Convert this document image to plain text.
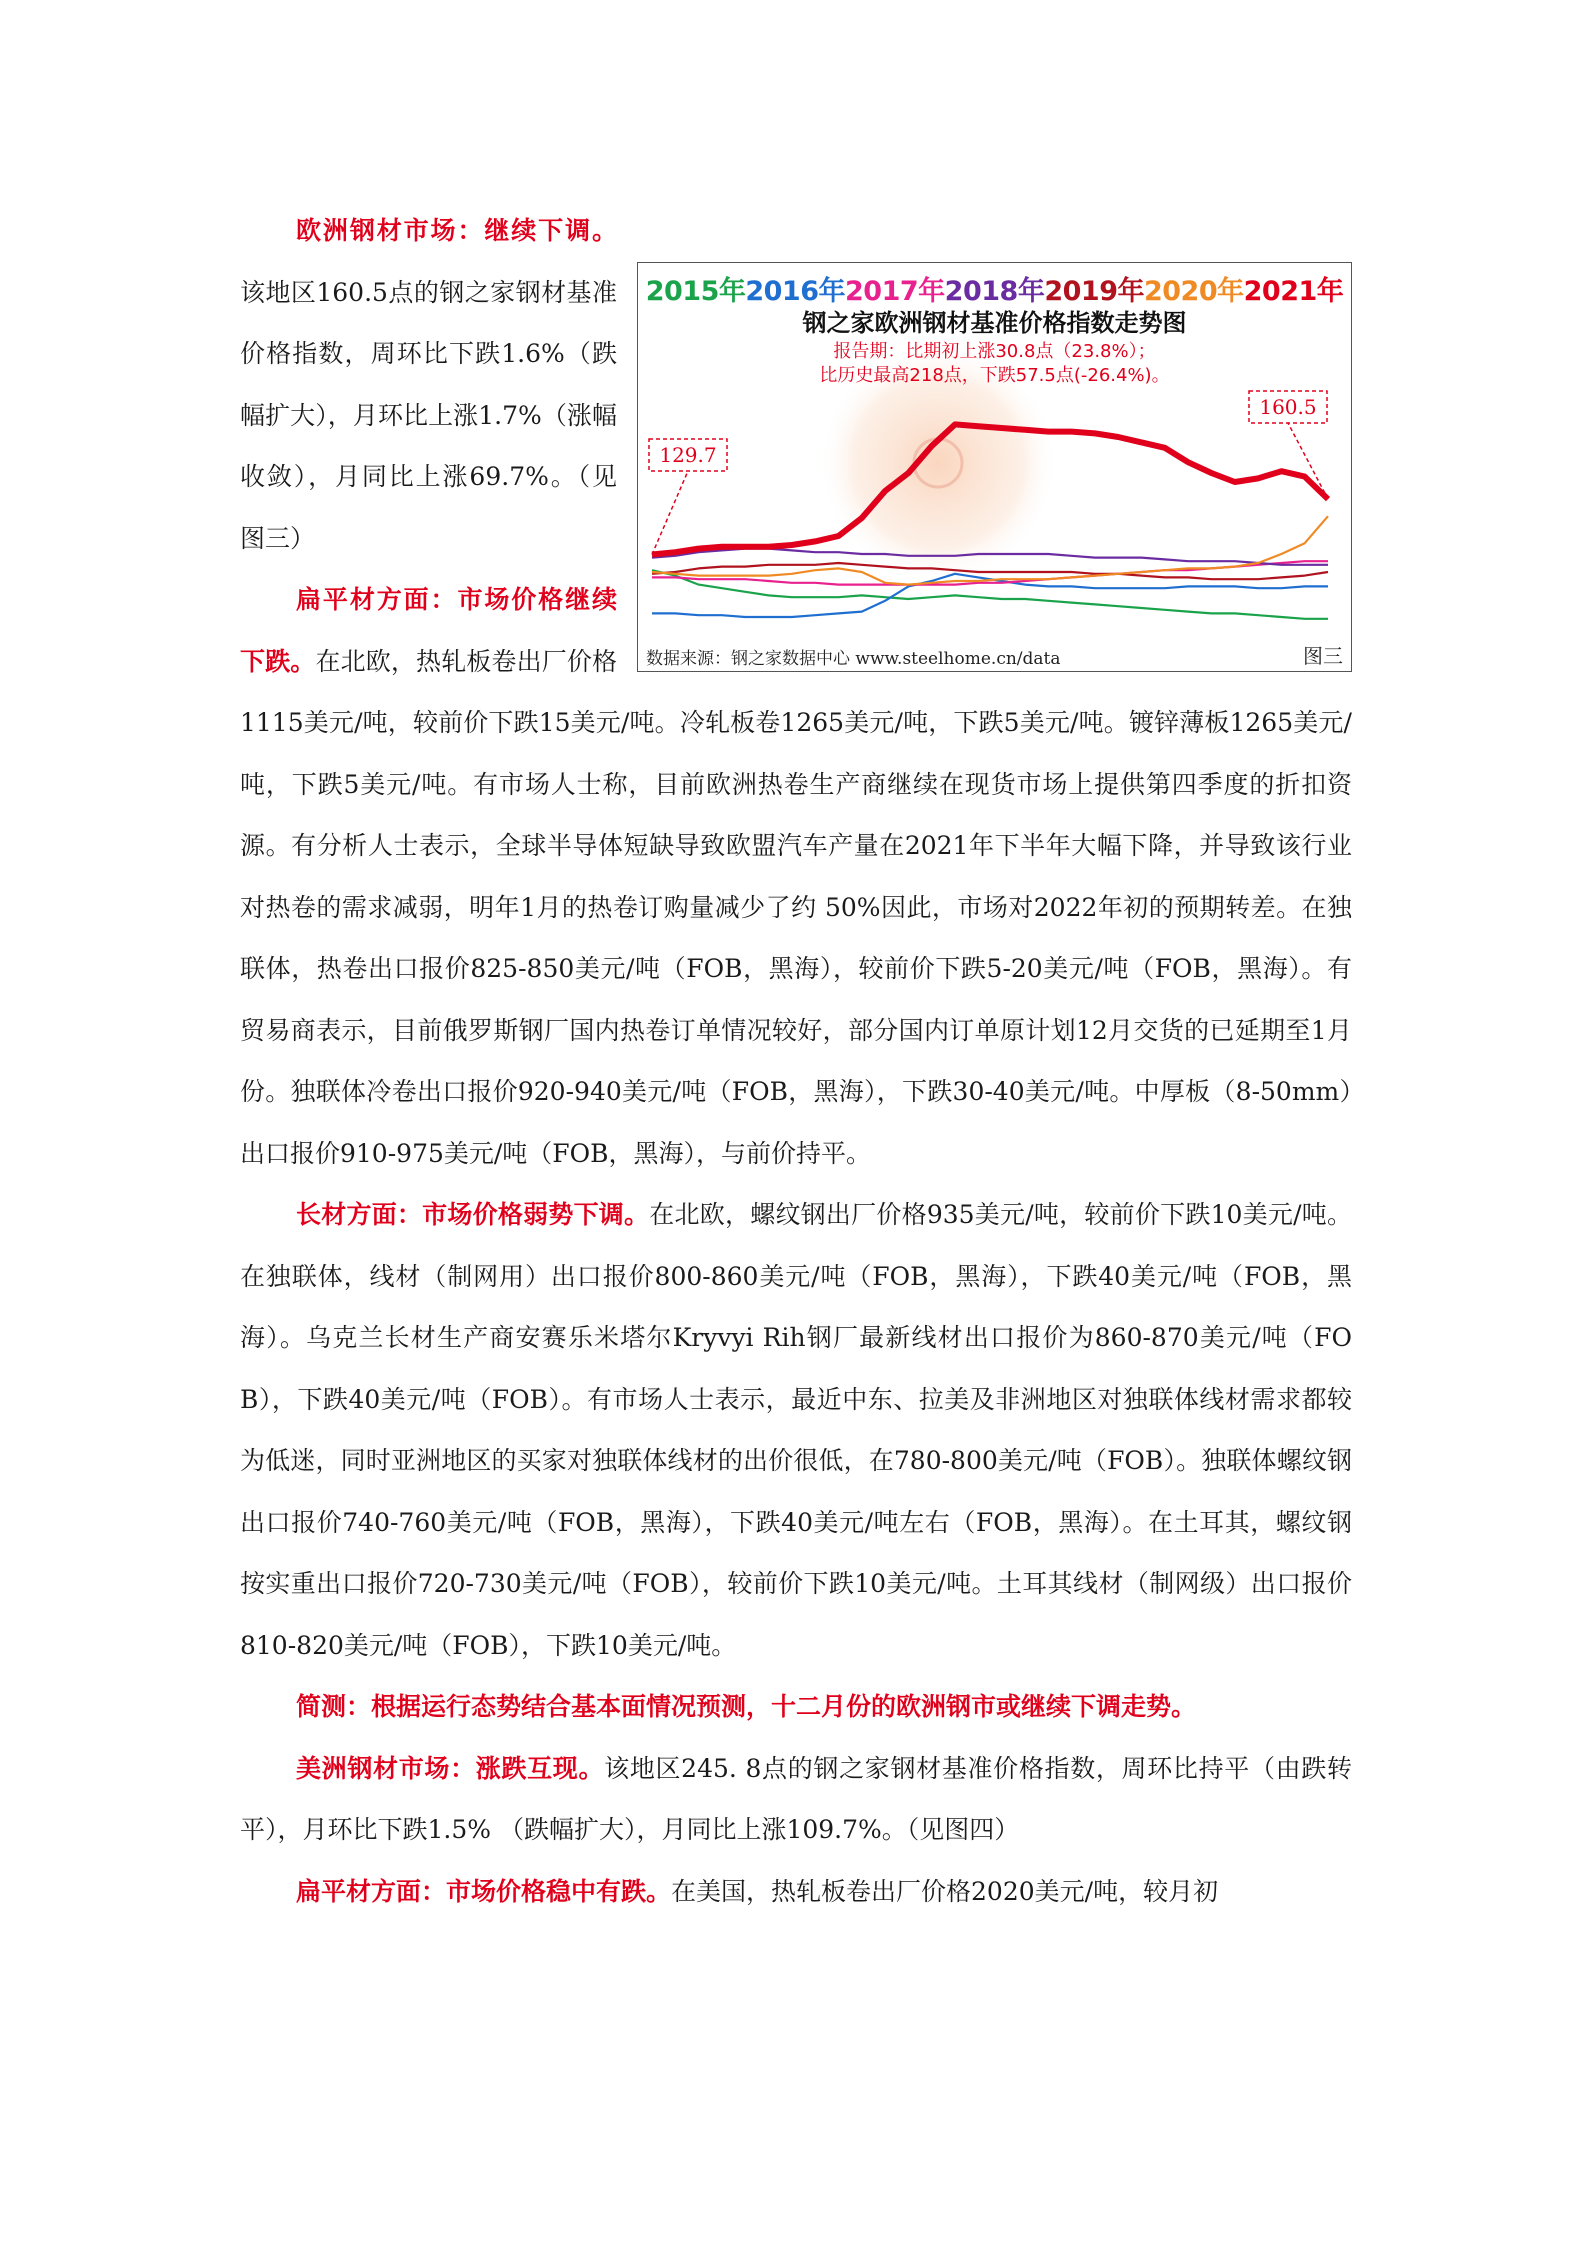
129.7
160.5
2015年2016年2017年2018年2019年2020年2021年
钢之家欧洲钢材基准价格指数走势图
报告期：比期初上涨30.8点（23.8%）；
比历史最高218点，下跌57.5点(-26.4%)。
数据来源：钢之家数据中心 www.steelhome.cn/data	图三

欧洲钢材市场：继续下调。该地区160.5点的钢之家钢材基准价格指数，周环比下跌1.6%（跌幅扩大），月环比上涨1.7%（涨幅收敛），月同比上涨69.7%。（见图三）

扁平材方面：市场价格继续下跌。在北欧，热轧板卷出厂价格1115美元/吨，较前价下跌15美元/吨。冷轧板卷1265美元/吨，下跌5美元/吨。镀锌薄板1265美元/吨，下跌5美元/吨。有市场人士称，目前欧洲热卷生产商继续在现货市场上提供第四季度的折扣资源。有分析人士表示，全球半导体短缺导致欧盟汽车产量在2021年下半年大幅下降，并导致该行业对热卷的需求减弱，明年1月的热卷订购量减少了约 50%因此，市场对2022年初的预期转差。在独联体，热卷出口报价825-850美元/吨（FOB，黑海），较前价下跌5-20美元/吨（FOB，黑海）。有贸易商表示，目前俄罗斯钢厂国内热卷订单情况较好，部分国内订单原计划12月交货的已延期至1月份。独联体冷卷出口报价920-940美元/吨（FOB，黑海），下跌30-40美元/吨。中厚板（8-50mm）出口报价910-975美元/吨（FOB，黑海），与前价持平。

长材方面：市场价格弱势下调。在北欧，螺纹钢出厂价格935美元/吨，较前价下跌10美元/吨。在独联体，线材（制网用）出口报价800-860美元/吨（FOB，黑海），下跌40美元/吨（FOB，黑海）。乌克兰长材生产商安赛乐米塔尔Kryvyi Rih钢厂最新线材出口报价为860-870美元/吨（FOB），下跌40美元/吨（FOB）。有市场人士表示，最近中东、拉美及非洲地区对独联体线材需求都较为低迷，同时亚洲地区的买家对独联体线材的出价很低，在780-800美元/吨（FOB）。独联体螺纹钢出口报价740-760美元/吨（FOB，黑海），下跌40美元/吨左右（FOB，黑海）。在土耳其，螺纹钢按实重出口报价720-730美元/吨（FOB），较前价下跌10美元/吨。土耳其线材（制网级）出口报价810-820美元/吨（FOB），下跌10美元/吨。

简测：根据运行态势结合基本面情况预测，十二月份的欧洲钢市或继续下调走势。

美洲钢材市场：涨跌互现。该地区245. 8点的钢之家钢材基准价格指数，周环比持平（由跌转平），月环比下跌1.5% （跌幅扩大），月同比上涨109.7%。（见图四）

扁平材方面：市场价格稳中有跌。在美国，热轧板卷出厂价格2020美元/吨，较月初
